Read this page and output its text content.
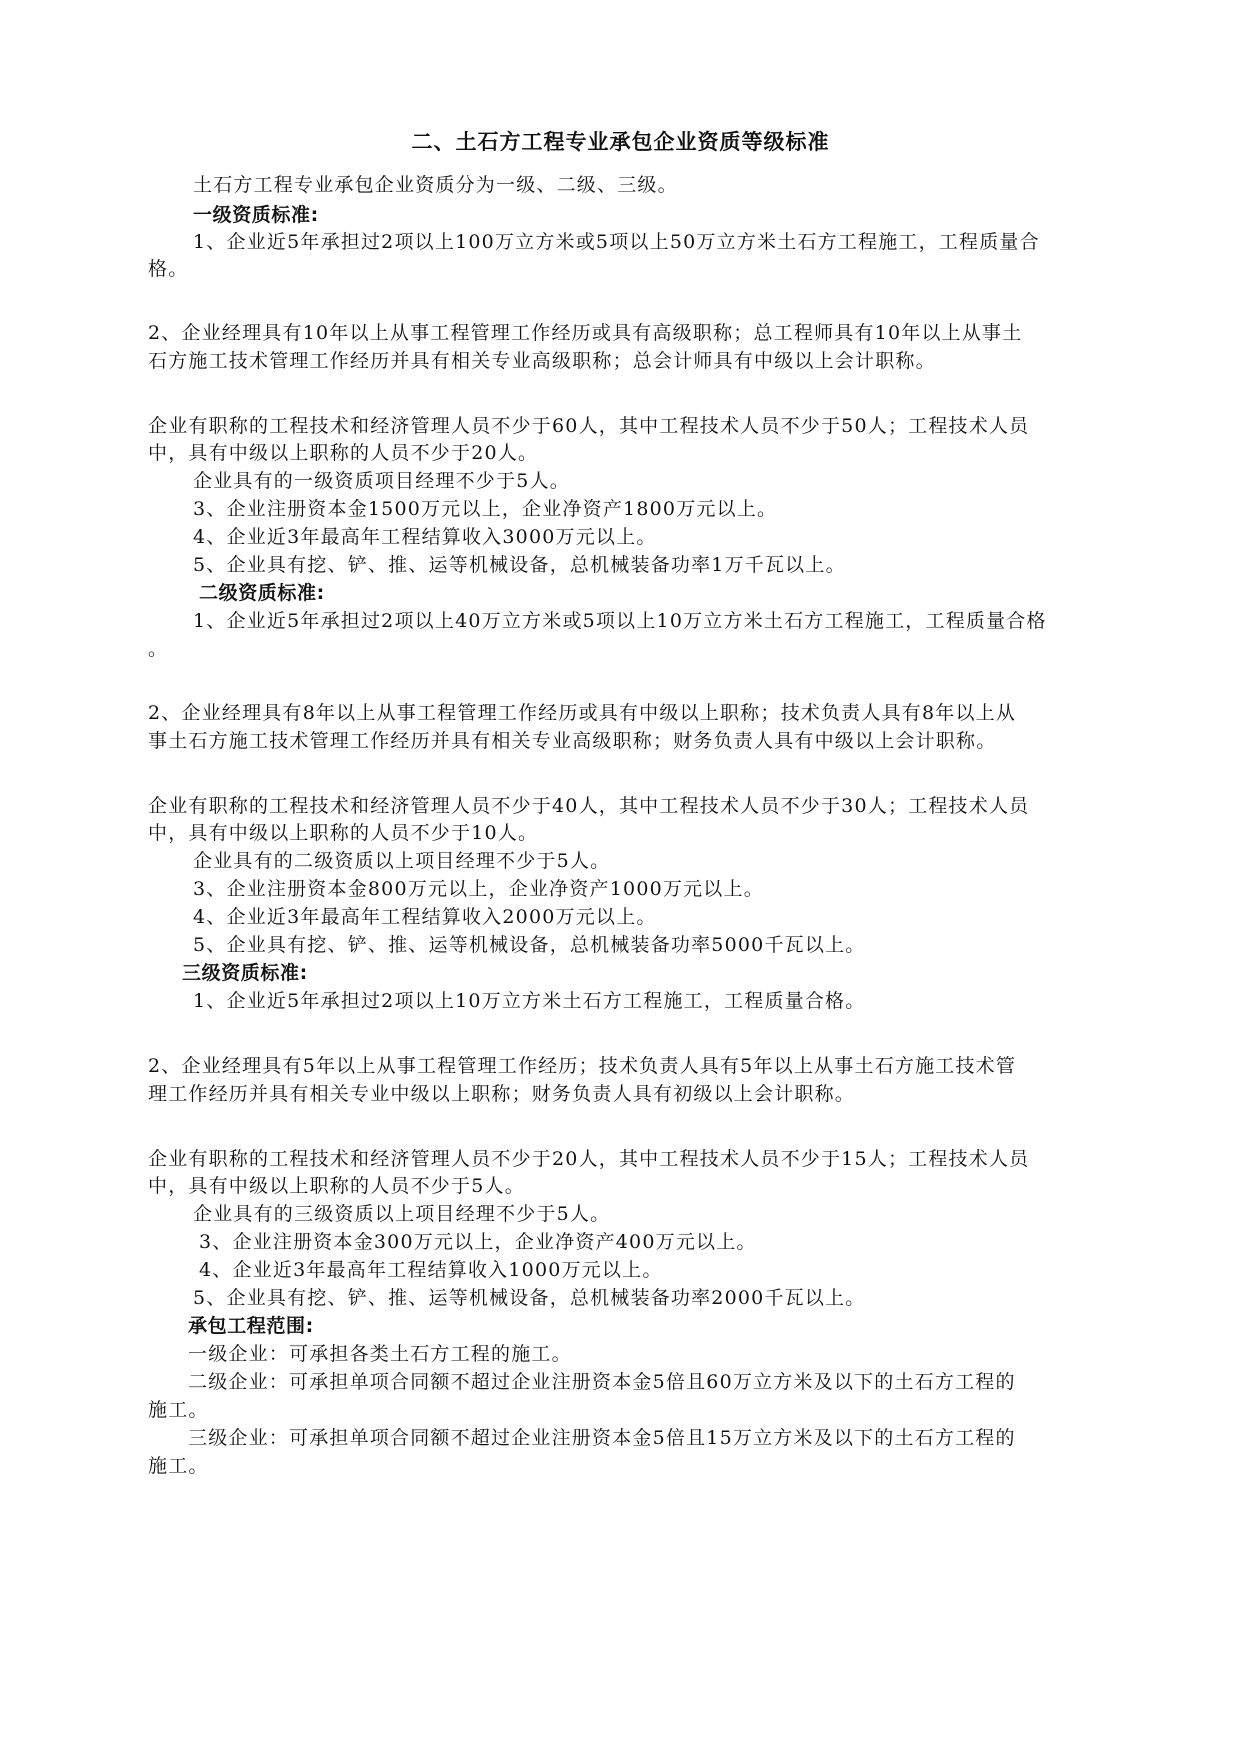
二、土石方工程专业承包企业资质等级标准
土石方工程专业承包企业资质分为一级、二级、三级。
一级资质标准:
1、企业近5年承担过2项以上100万立方米或5项以上50万立方米土石方工程施工，工程质量合
格。
2、企业经理具有10年以上从事工程管理工作经历或具有高级职称；总工程师具有10年以上从事土
石方施工技术管理工作经历并具有相关专业高级职称；总会计师具有中级以上会计职称。
企业有职称的工程技术和经济管理人员不少于60人，其中工程技术人员不少于50人；工程技术人员
中，具有中级以上职称的人员不少于20人。
企业具有的一级资质项目经理不少于5人。
3、企业注册资本金1500万元以上，企业净资产1800万元以上。
4、企业近3年最高年工程结算收入3000万元以上。
5、企业具有挖、铲、推、运等机械设备，总机械装备功率1万千瓦以上。
二级资质标准:
1、企业近5年承担过2项以上40万立方米或5项以上10万立方米土石方工程施工，工程质量合格
。
2、企业经理具有8年以上从事工程管理工作经历或具有中级以上职称；技术负责人具有8年以上从
事土石方施工技术管理工作经历并具有相关专业高级职称；财务负责人具有中级以上会计职称。
企业有职称的工程技术和经济管理人员不少于40人，其中工程技术人员不少于30人；工程技术人员
中，具有中级以上职称的人员不少于10人。
企业具有的二级资质以上项目经理不少于5人。
3、企业注册资本金800万元以上，企业净资产1000万元以上。
4、企业近3年最高年工程结算收入2000万元以上。
5、企业具有挖、铲、推、运等机械设备，总机械装备功率5000千瓦以上。
三级资质标准:
1、企业近5年承担过2项以上10万立方米土石方工程施工，工程质量合格。
2、企业经理具有5年以上从事工程管理工作经历；技术负责人具有5年以上从事土石方施工技术管
理工作经历并具有相关专业中级以上职称；财务负责人具有初级以上会计职称。
企业有职称的工程技术和经济管理人员不少于20人，其中工程技术人员不少于15人；工程技术人员
中，具有中级以上职称的人员不少于5人。
企业具有的三级资质以上项目经理不少于5人。
3、企业注册资本金300万元以上，企业净资产400万元以上。
4、企业近3年最高年工程结算收入1000万元以上。
5、企业具有挖、铲、推、运等机械设备，总机械装备功率2000千瓦以上。
承包工程范围:
一级企业：可承担各类土石方工程的施工。
二级企业：可承担单项合同额不超过企业注册资本金5倍且60万立方米及以下的土石方工程的
施工。
三级企业：可承担单项合同额不超过企业注册资本金5倍且15万立方米及以下的土石方工程的
施工。
